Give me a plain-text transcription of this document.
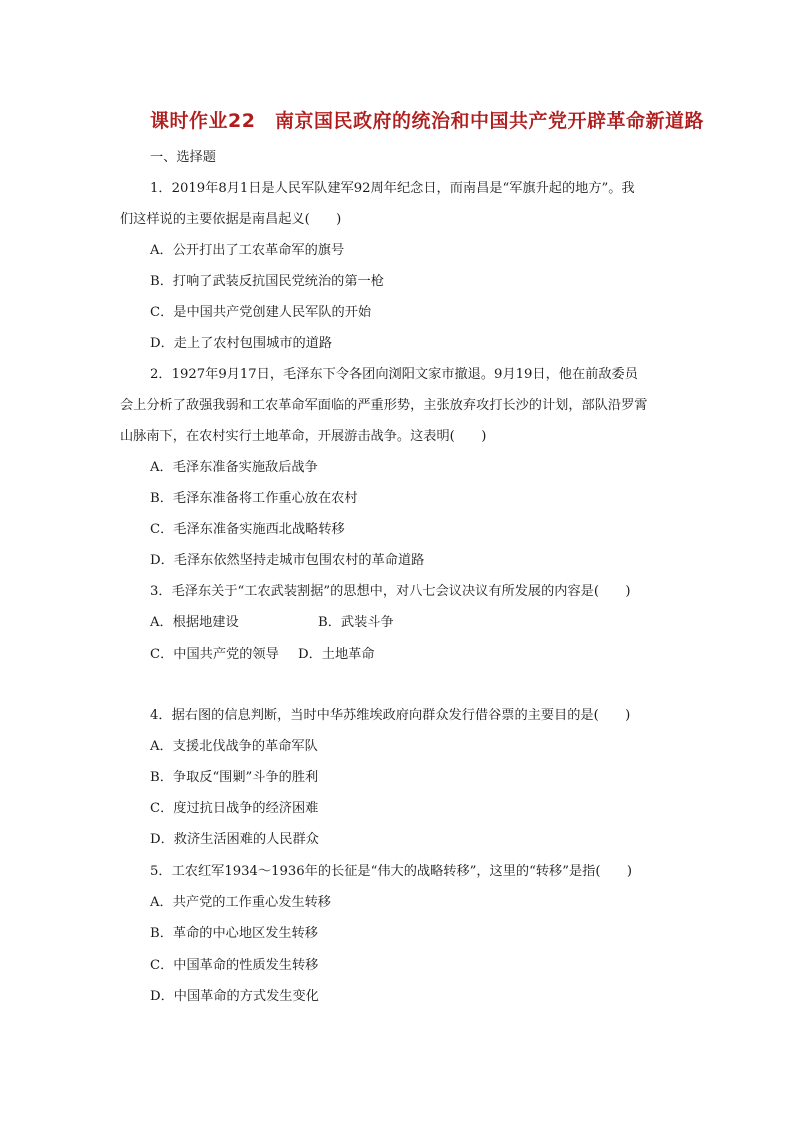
课时作业22　南京国民政府的统治和中国共产党开辟革命新道路
一、选择题
1．2019年8月1日是人民军队建军92周年纪念日，而南昌是“军旗升起的地方”。我
们这样说的主要依据是南昌起义(　　)
A．公开打出了工农革命军的旗号
B．打响了武装反抗国民党统治的第一枪
C．是中国共产党创建人民军队的开始
D．走上了农村包围城市的道路
2．1927年9月17日，毛泽东下令各团向浏阳文家市撤退。9月19日，他在前敌委员
会上分析了敌强我弱和工农革命军面临的严重形势，主张放弃攻打长沙的计划，部队沿罗霄
山脉南下，在农村实行土地革命，开展游击战争。这表明(　　)
A．毛泽东准备实施敌后战争
B．毛泽东准备将工作重心放在农村
C．毛泽东准备实施西北战略转移
D．毛泽东依然坚持走城市包围农村的革命道路
3．毛泽东关于“工农武装割据”的思想中，对八七会议决议有所发展的内容是(　　)
A．根据地建设	B．武装斗争
C．中国共产党的领导 D．土地革命
4．据右图的信息判断，当时中华苏维埃政府向群众发行借谷票的主要目的是(　　)
A．支援北伐战争的革命军队
B．争取反“围剿”斗争的胜利
C．度过抗日战争的经济困难
D．救济生活困难的人民群众
5．工农红军1934～1936年的长征是“伟大的战略转移”，这里的“转移”是指(　　)
A．共产党的工作重心发生转移
B．革命的中心地区发生转移
C．中国革命的性质发生转移
D．中国革命的方式发生变化
